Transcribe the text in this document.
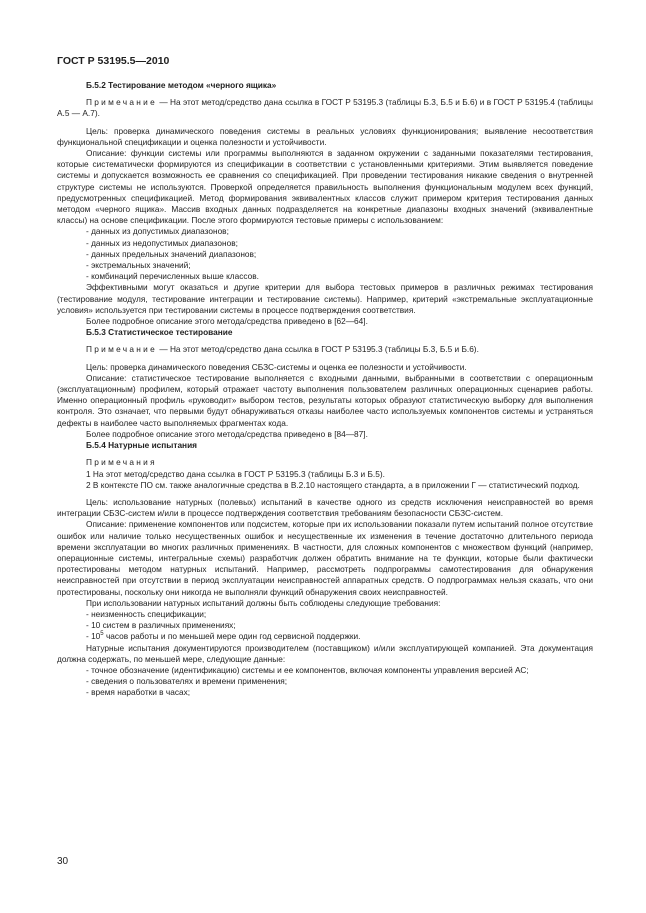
ГОСТ Р 53195.5—2010

Б.5.2 Тестирование методом «черного ящика»

Примечание — На этот метод/средство дана ссылка в ГОСТ Р 53195.3 (таблицы Б.3, Б.5 и Б.6) и в ГОСТ Р 53195.4 (таблицы А.5 — А.7).

Цель: проверка динамического поведения системы в реальных условиях функционирования; выявление несоответствия функциональной спецификации и оценка полезности и устойчивости.

Описание: функции системы или программы выполняются в заданном окружении с заданными показателями тестирования, которые систематически формируются из спецификации в соответствии с установленными критериями. Этим выявляется поведение системы и допускается возможность ее сравнения со спецификацией. При проведении тестирования никакие сведения о внутренней структуре системы не используются. Проверкой определяется правильность выполнения функциональным модулем всех функций, предусмотренных спецификацией. Метод формирования эквивалентных классов служит примером критерия тестирования данных методом «черного ящика». Массив входных данных подразделяется на конкретные диапазоны входных значений (эквивалентные классы) на основе спецификации. После этого формируются тестовые примеры с использованием:

- данных из допустимых диапазонов;

- данных из недопустимых диапазонов;

- данных предельных значений диапазонов;

- экстремальных значений;

- комбинаций перечисленных выше классов.

Эффективными могут оказаться и другие критерии для выбора тестовых примеров в различных режимах тестирования (тестирование модуля, тестирование интеграции и тестирование системы). Например, критерий «экстремальные эксплуатационные условия» используется при тестировании системы в процессе подтверждения соответствия.

Более подробное описание этого метода/средства приведено в [62—64].

Б.5.3 Статистическое тестирование

Примечание — На этот метод/средство дана ссылка в ГОСТ Р 53195.3 (таблицы Б.3, Б.5 и Б.6).

Цель: проверка динамического поведения СБЗС-системы и оценка ее полезности и устойчивости.

Описание: статистическое тестирование выполняется с входными данными, выбранными в соответствии с операционным (эксплуатационным) профилем, который отражает частоту выполнения пользователем различных операционных сценариев работы. Именно операционный профиль «руководит» выбором тестов, результаты которых образуют статистическую выборку для выполнения контроля. Это означает, что первыми будут обнаруживаться отказы наиболее часто используемых компонентов системы и устраняться дефекты в наиболее часто выполняемых фрагментах кода.

Более подробное описание этого метода/средства приведено в [84—87].

Б.5.4 Натурные испытания

Примечания

1 На этот метод/средство дана ссылка в ГОСТ Р 53195.3 (таблицы Б.3 и Б.5).

2 В контексте ПО см. также аналогичные средства в В.2.10 настоящего стандарта, а в приложении Г — статистический подход.

Цель: использование натурных (полевых) испытаний в качестве одного из средств исключения неисправностей во время интеграции СБЗС-систем и/или в процессе подтверждения соответствия требованиям безопасности СБЗС-систем.

Описание: применение компонентов или подсистем, которые при их использовании показали путем испытаний полное отсутствие ошибок или наличие только несущественных ошибок и несущественные их изменения в течение достаточно длительного периода времени эксплуатации во многих различных применениях. В частности, для сложных компонентов с множеством функций (например, операционные системы, интегральные схемы) разработчик должен обратить внимание на те функции, которые были фактически протестированы методом натурных испытаний. Например, рассмотреть подпрограммы самотестирования для обнаружения неисправностей при отсутствии в период эксплуатации неисправностей аппаратных средств. О подпрограммах нельзя сказать, что они протестированы, поскольку они никогда не выполняли функций обнаружения своих неисправностей.

При использовании натурных испытаний должны быть соблюдены следующие требования:

- неизменность спецификации;

- 10 систем в различных применениях;

- $10^5$ часов работы и по меньшей мере один год сервисной поддержки.

Натурные испытания документируются производителем (поставщиком) и/или эксплуатирующей компанией. Эта документация должна содержать, по меньшей мере, следующие данные:

- точное обозначение (идентификацию) системы и ее компонентов, включая компоненты управления версией АС;

- сведения о пользователях и времени применения;

- время наработки в часах;

30
